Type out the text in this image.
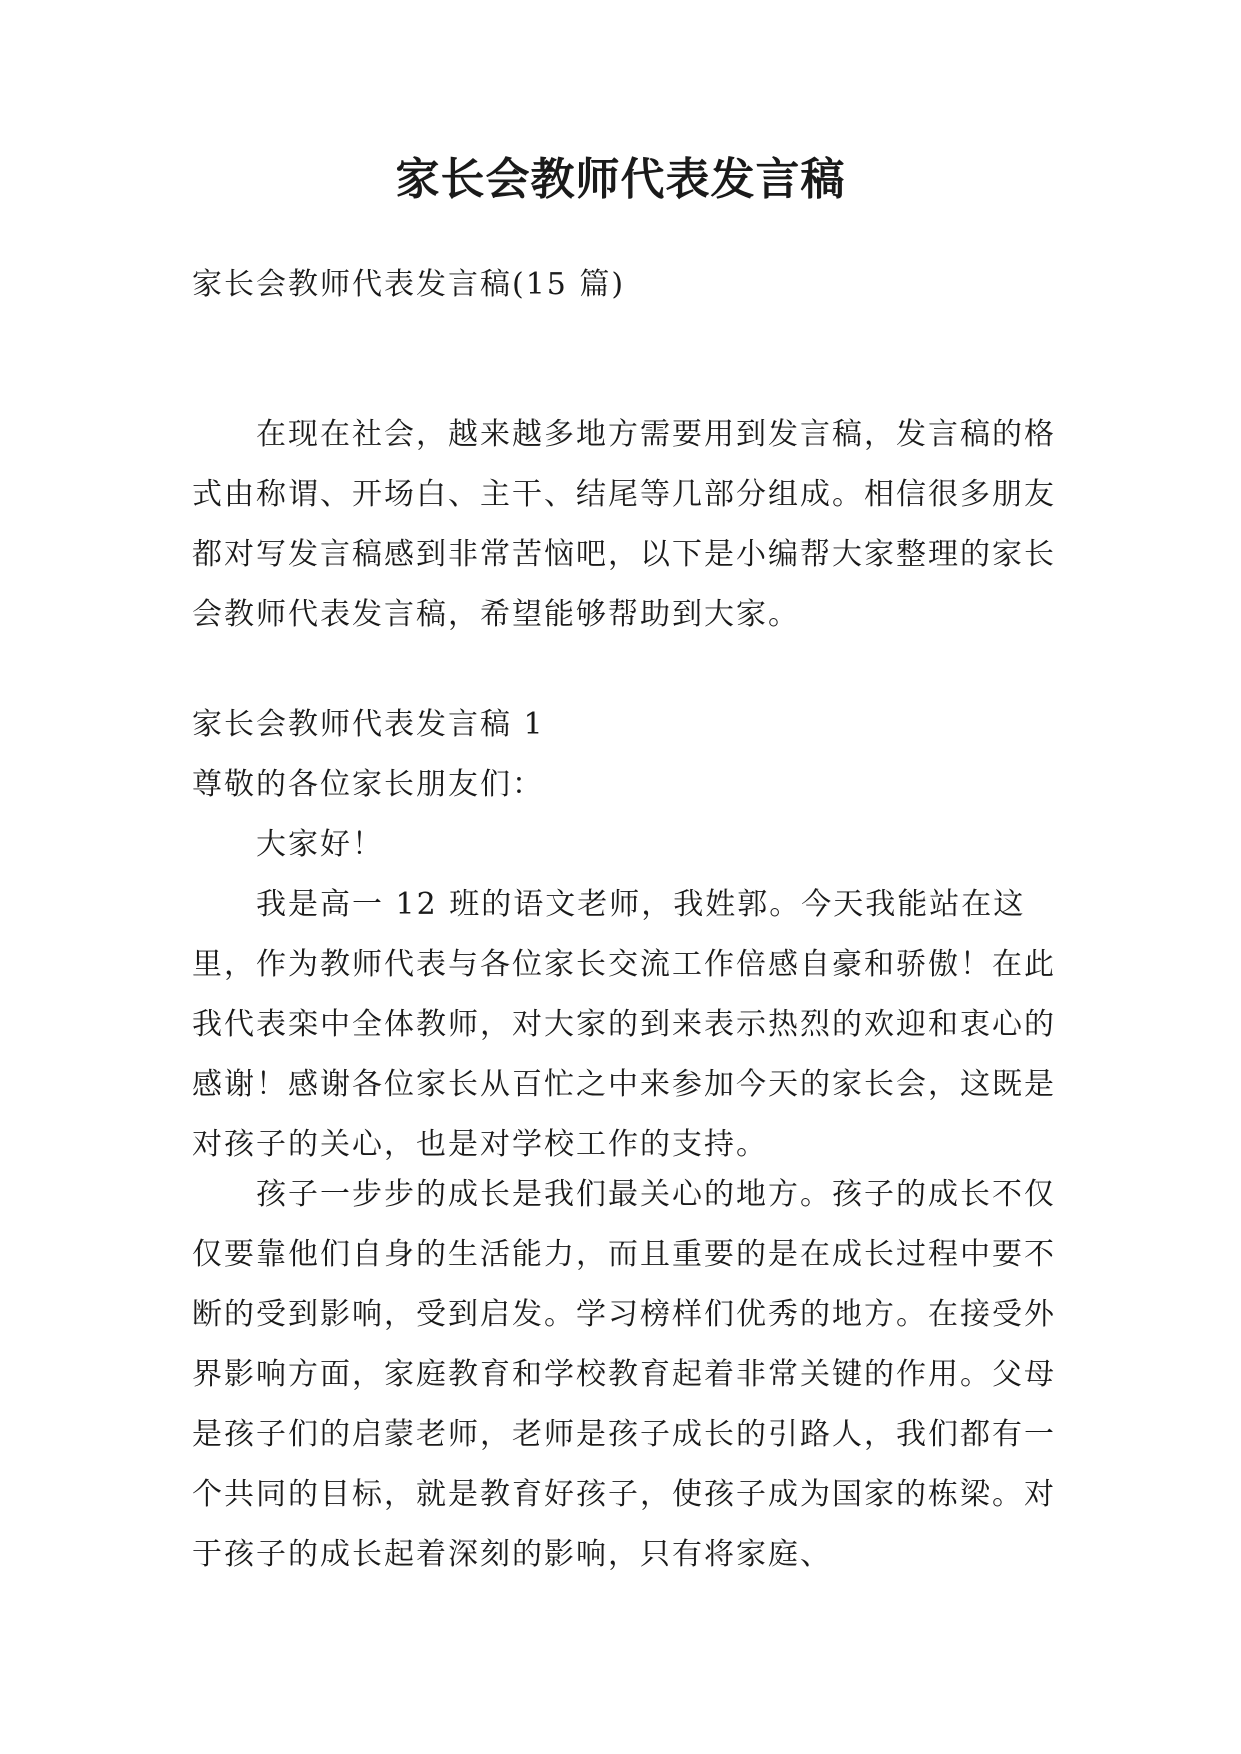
家长会教师代表发言稿

家长会教师代表发言稿(15 篇)

　　在现在社会，越来越多地方需要用到发言稿，发言稿的格式由称谓、开场白、主干、结尾等几部分组成。相信很多朋友都对写发言稿感到非常苦恼吧，以下是小编帮大家整理的家长会教师代表发言稿，希望能够帮助到大家。

家长会教师代表发言稿 1

尊敬的各位家长朋友们：

　　大家好！

　　我是高一 12 班的语文老师，我姓郭。今天我能站在这里，作为教师代表与各位家长交流工作倍感自豪和骄傲！在此我代表栾中全体教师，对大家的到来表示热烈的欢迎和衷心的感谢！感谢各位家长从百忙之中来参加今天的家长会，这既是对孩子的关心，也是对学校工作的支持。

　　孩子一步步的成长是我们最关心的地方。孩子的成长不仅仅要靠他们自身的生活能力，而且重要的是在成长过程中要不断的受到影响，受到启发。学习榜样们优秀的地方。在接受外界影响方面，家庭教育和学校教育起着非常关键的作用。父母是孩子们的启蒙老师，老师是孩子成长的引路人，我们都有一个共同的目标，就是教育好孩子，使孩子成为国家的栋梁。对于孩子的成长起着深刻的影响，只有将家庭、
